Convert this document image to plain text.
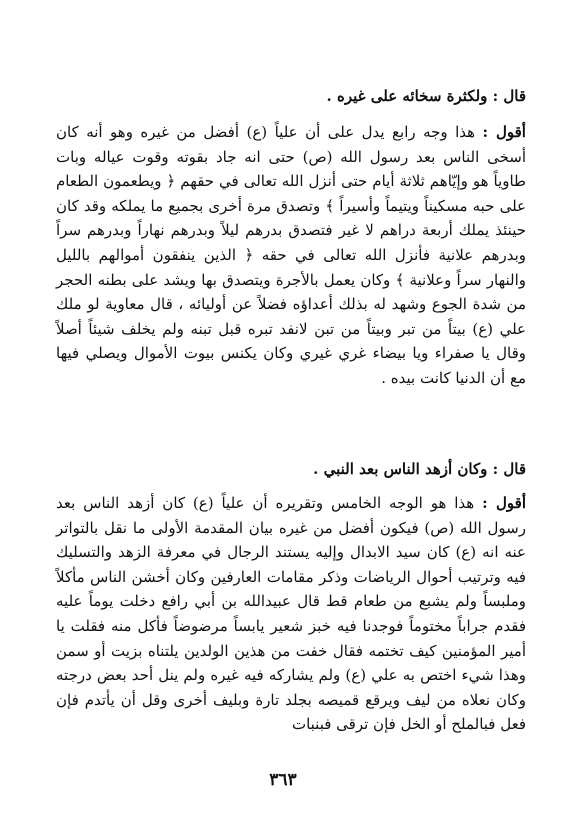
قال : ولكثرة سخائه على غيره .

أقول : هذا وجه رابع يدل على أن علياً (ع) أفضل من غيره وهو أنه كان أسخى الناس بعد رسول الله (ص) حتى انه جاد بقوته وقوت عياله وبات طاوياً هو وإيّاهم ثلاثة أيام حتى أنزل الله تعالى في حقهم ﴿ ويطعمون الطعام على حبه مسكيناً ويتيماً وأسيراً ﴾ وتصدق مرة أخرى بجميع ما يملكه وقد كان حينئذ يملك أربعة دراهم لا غير فتصدق بدرهم ليلاً وبدرهم نهاراً وبدرهم سراً وبدرهم علانية فأنزل الله تعالى في حقه ﴿ الذين ينفقون أموالهم بالليل والنهار سراً وعلانية ﴾ وكان يعمل بالأجرة ويتصدق بها ويشد على بطنه الحجر من شدة الجوع وشهد له بذلك أعداؤه فضلاً عن أوليائه ، قال معاوية لو ملك علي (ع) بيتاً من تبر وبيتاً من تبن لانفد تبره قبل تبنه ولم يخلف شيئاً أصلاً وقال يا صفراء ويا بيضاء غري غيري وكان يكنس بيوت الأموال ويصلي فيها مع أن الدنيا كانت بيده .

قال : وكان أزهد الناس بعد النبي .

أقول : هذا هو الوجه الخامس وتقريره أن علياً (ع) كان أزهد الناس بعد رسول الله (ص) فيكون أفضل من غيره بيان المقدمة الأولى ما نقل بالتواتر عنه انه (ع) كان سيد الابدال وإليه يستند الرجال في معرفة الزهد والتسليك فيه وترتيب أحوال الرياضات وذكر مقامات العارفين وكان أخشن الناس مأكلاً وملبساً ولم يشبع من طعام قط قال عبيدالله بن أبي رافع دخلت يوماً عليه فقدم جراباً مختوماً فوجدنا فيه خبز شعير يابساً مرضوضاً فأكل منه فقلت يا أمير المؤمنين كيف تختمه فقال خفت من هذين الولدين يلتناه بزيت أو سمن وهذا شيء اختص به علي (ع) ولم يشاركه فيه غيره ولم ينل أحد بعض درجته وكان نعلاه من ليف ويرقع قميصه بجلد تارة وبليف أخرى وقل أن يأتدم فإن فعل فبالملح أو الخل فإن ترقى فبنبات

٣٦٣
